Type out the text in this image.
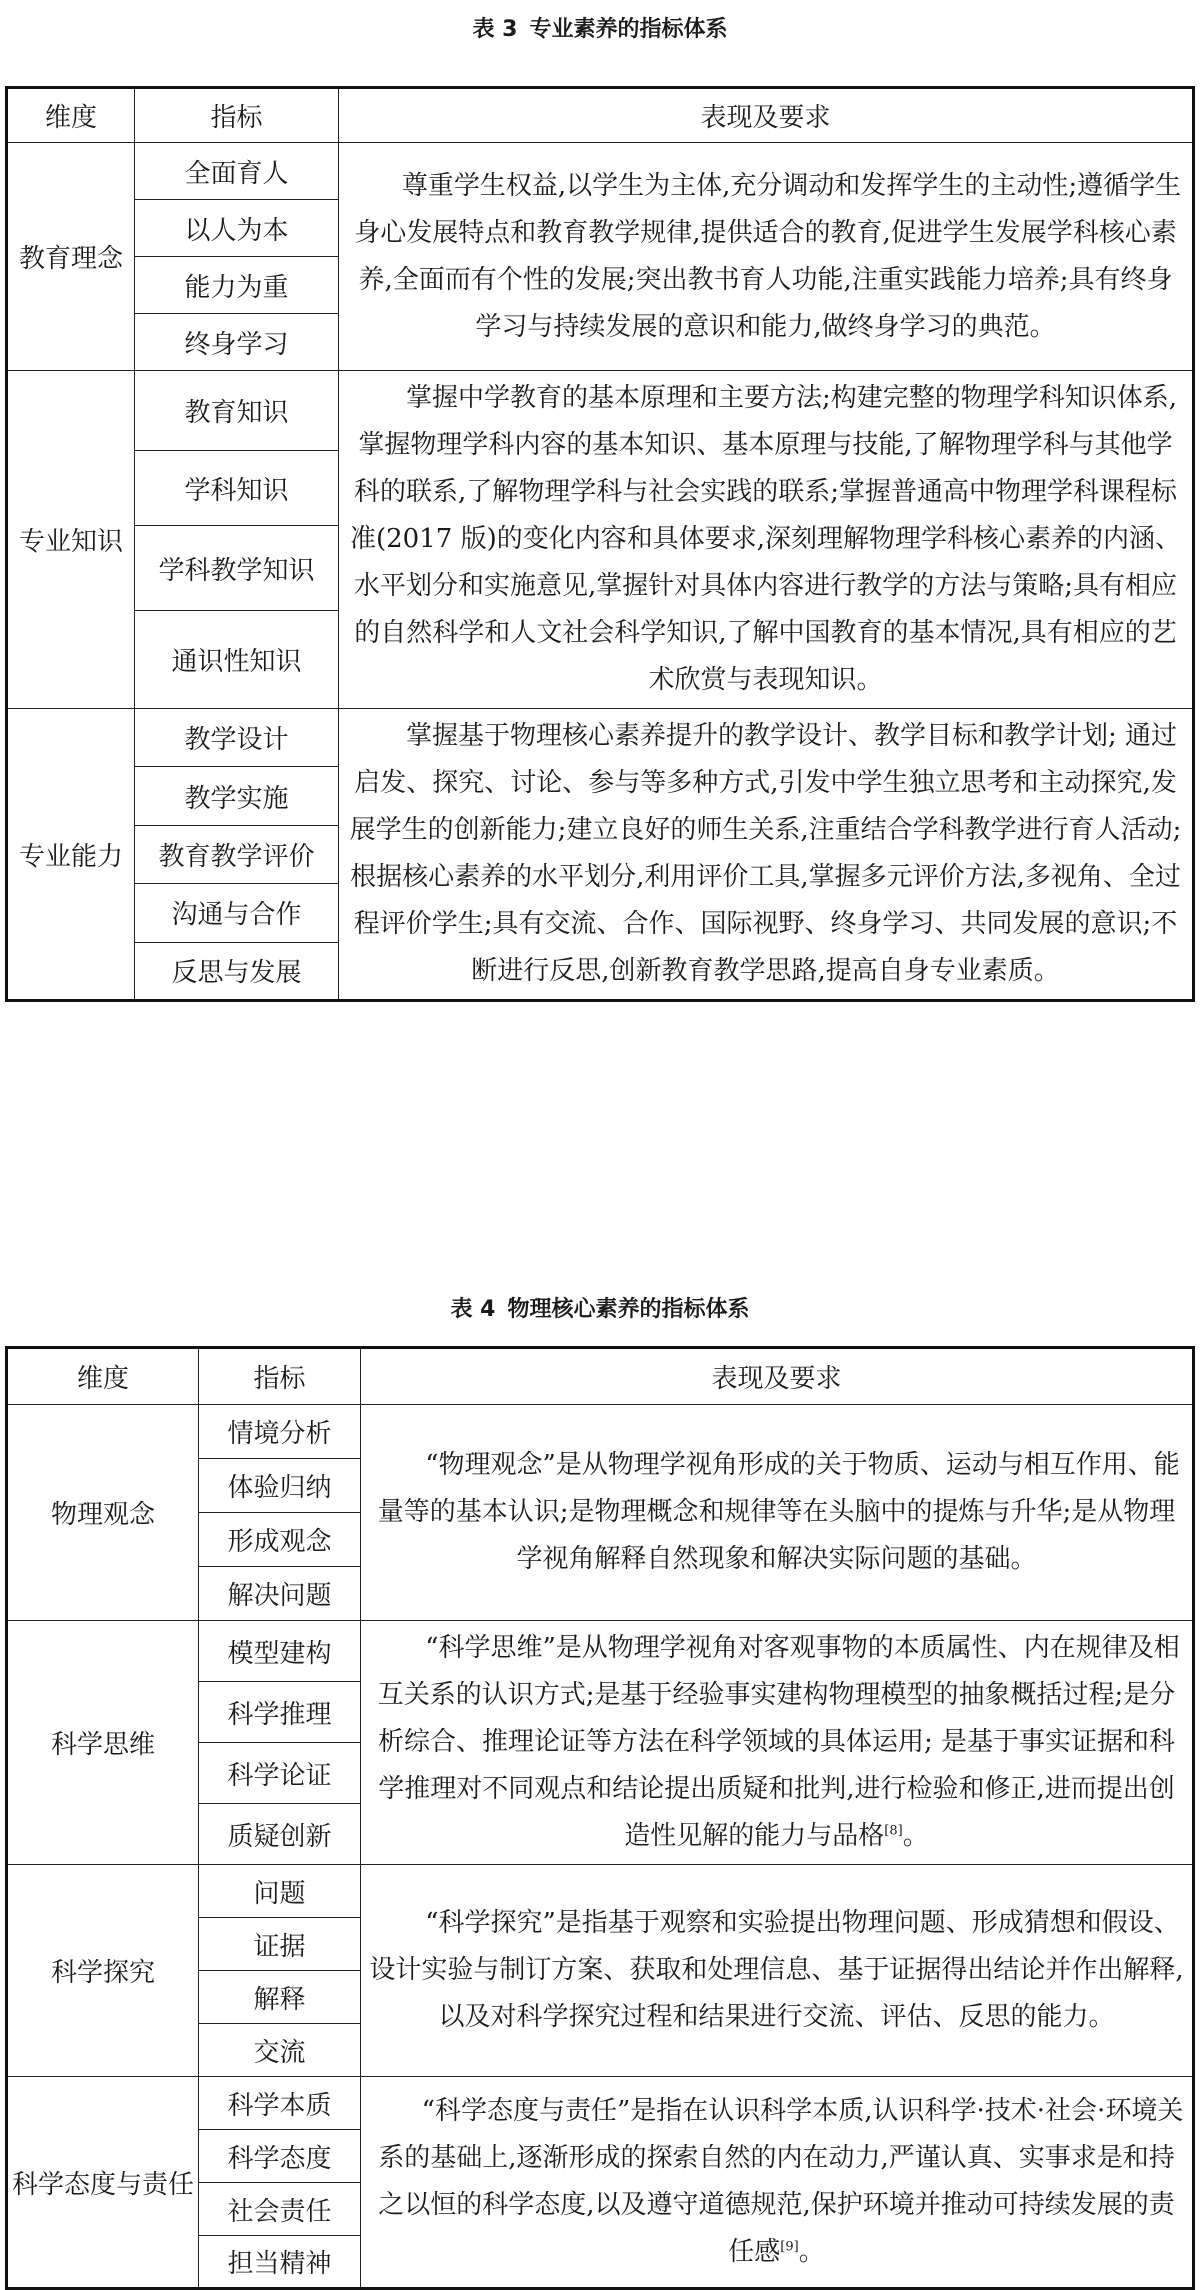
表 3 专业素养的指标体系
维度	指标	表现及要求
教育理念	全面育人	尊重学生权益,以学生为主体,充分调动和发挥学生的主动性;遵循学生身心发展特点和教育教学规律,提供适合的教育,促进学生发展学科核心素养,全面而有个性的发展;突出教书育人功能,注重实践能力培养;具有终身学习与持续发展的意识和能力,做终身学习的典范。

	以人为本	
	能力为重	
	终身学习	
专业知识	教育知识	掌握中学教育的基本原理和主要方法;构建完整的物理学科知识体系,掌握物理学科内容的基本知识、基本原理与技能,了解物理学科与其他学科的联系,了解物理学科与社会实践的联系;掌握普通高中物理学科课程标准(2017 版)的变化内容和具体要求,深刻理解物理学科核心素养的内涵、水平划分和实施意见,掌握针对具体内容进行教学的方法与策略;具有相应的自然科学和人文社会科学知识,了解中国教育的基本情况,具有相应的艺术欣赏与表现知识。

	学科知识	
	学科教学知识	
	通识性知识	
专业能力	教学设计	掌握基于物理核心素养提升的教学设计、教学目标和教学计划; 通过启发、探究、讨论、参与等多种方式,引发中学生独立思考和主动探究,发展学生的创新能力;建立良好的师生关系,注重结合学科教学进行育人活动;根据核心素养的水平划分,利用评价工具,掌握多元评价方法,多视角、全过程评价学生;具有交流、合作、国际视野、终身学习、共同发展的意识;不断进行反思,创新教育教学思路,提高自身专业素质。

	教学实施	
	教育教学评价	
	沟通与合作	
	反思与发展	
表 4 物理核心素养的指标体系
维度	指标	表现及要求
物理观念	情境分析	“物理观念”是从物理学视角形成的关于物质、运动与相互作用、能量等的基本认识;是物理概念和规律等在头脑中的提炼与升华;是从物理学视角解释自然现象和解决实际问题的基础。

	体验归纳	
	形成观念	
	解决问题	
科学思维	模型建构	“科学思维”是从物理学视角对客观事物的本质属性、内在规律及相互关系的认识方式;是基于经验事实建构物理模型的抽象概括过程;是分析综合、推理论证等方法在科学领域的具体运用; 是基于事实证据和科学推理对不同观点和结论提出质疑和批判,进行检验和修正,进而提出创造性见解的能力与品格[8]。

	科学推理	
	科学论证	
	质疑创新	
科学探究	问题	“科学探究”是指基于观察和实验提出物理问题、形成猜想和假设、设计实验与制订方案、获取和处理信息、基于证据得出结论并作出解释,以及对科学探究过程和结果进行交流、评估、反思的能力。

	证据	
	解释	
	交流	
科学态度与责任	科学本质	“科学态度与责任”是指在认识科学本质,认识科学·技术·社会·环境关系的基础上,逐渐形成的探索自然的内在动力,严谨认真、实事求是和持之以恒的科学态度,以及遵守道德规范,保护环境并推动可持续发展的责任感[9]。

	科学态度	
	社会责任	
	担当精神	
